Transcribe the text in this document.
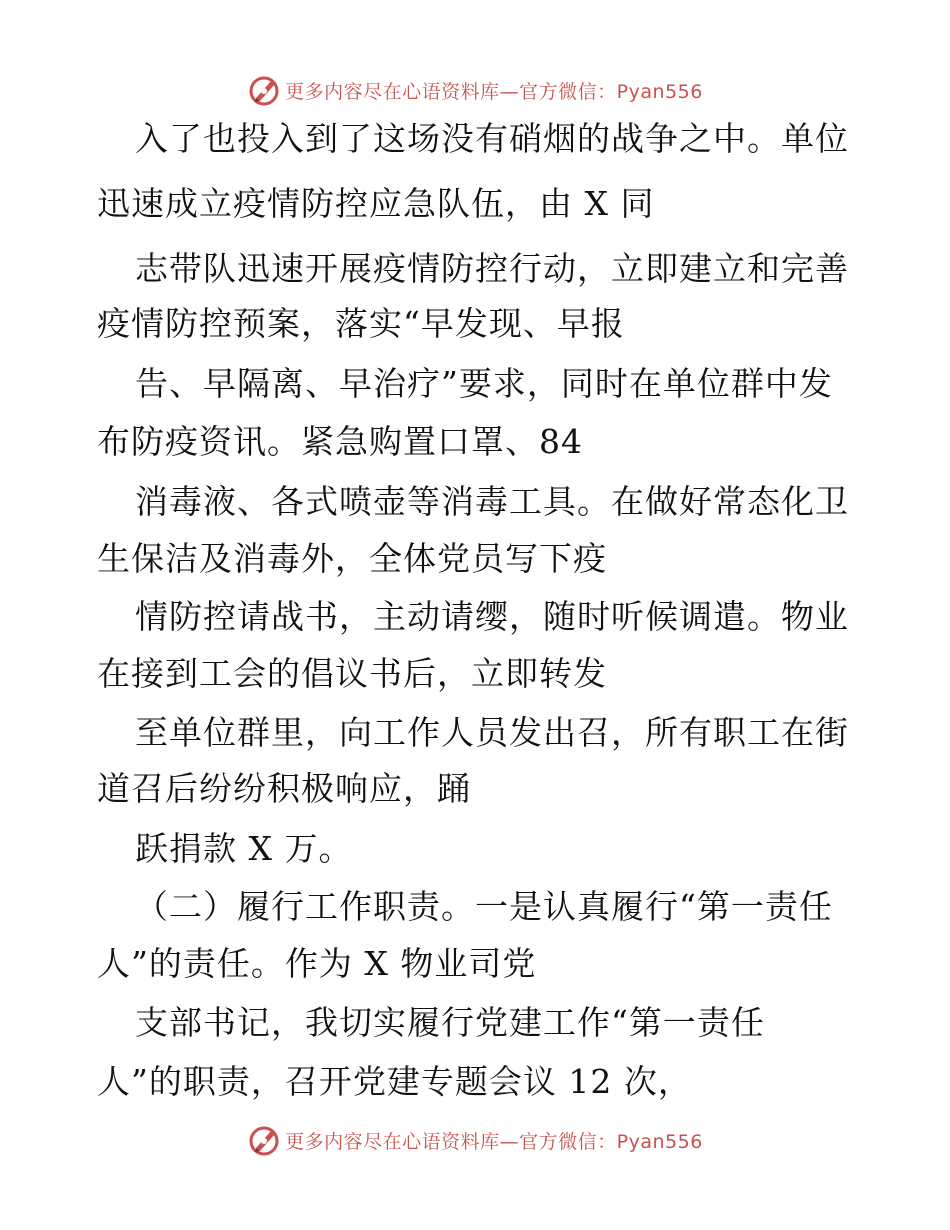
更多内容尽在心语资料库—官方微信：Pyan556
入了也投入到了这场没有硝烟的战争之中。单位
迅速成立疫情防控应急队伍，由 X 同
志带队迅速开展疫情防控行动，立即建立和完善
疫情防控预案，落实“早发现、早报
告、早隔离、早治疗”要求，同时在单位群中发
布防疫资讯。紧急购置口罩、84
消毒液、各式喷壶等消毒工具。在做好常态化卫
生保洁及消毒外，全体党员写下疫
情防控请战书，主动请缨，随时听候调遣。物业
在接到工会的倡议书后，立即转发
至单位群里，向工作人员发出召，所有职工在街
道召后纷纷积极响应，踊
跃捐款 X 万。
（二）履行工作职责。一是认真履行“第一责任
人”的责任。作为 X 物业司党
支部书记，我切实履行党建工作“第一责任
人”的职责，召开党建专题会议 12 次，
更多内容尽在心语资料库—官方微信：Pyan556
